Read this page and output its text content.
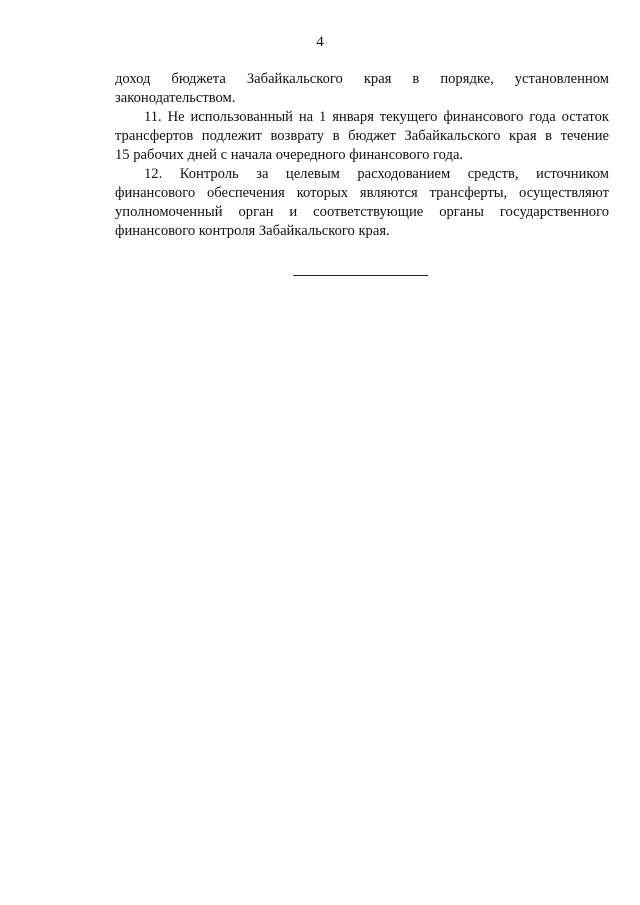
4

доход бюджета Забайкальского края в порядке, установленном
законодательством.

11. Не использованный на 1 января текущего финансового года остаток
трансфертов подлежит возврату в бюджет Забайкальского края в течение
15 рабочих дней с начала очередного финансового года.

12. Контроль за целевым расходованием средств, источником
финансового обеспечения которых являются трансферты, осуществляют
уполномоченный орган и соответствующие органы государственного
финансового контроля Забайкальского края.
